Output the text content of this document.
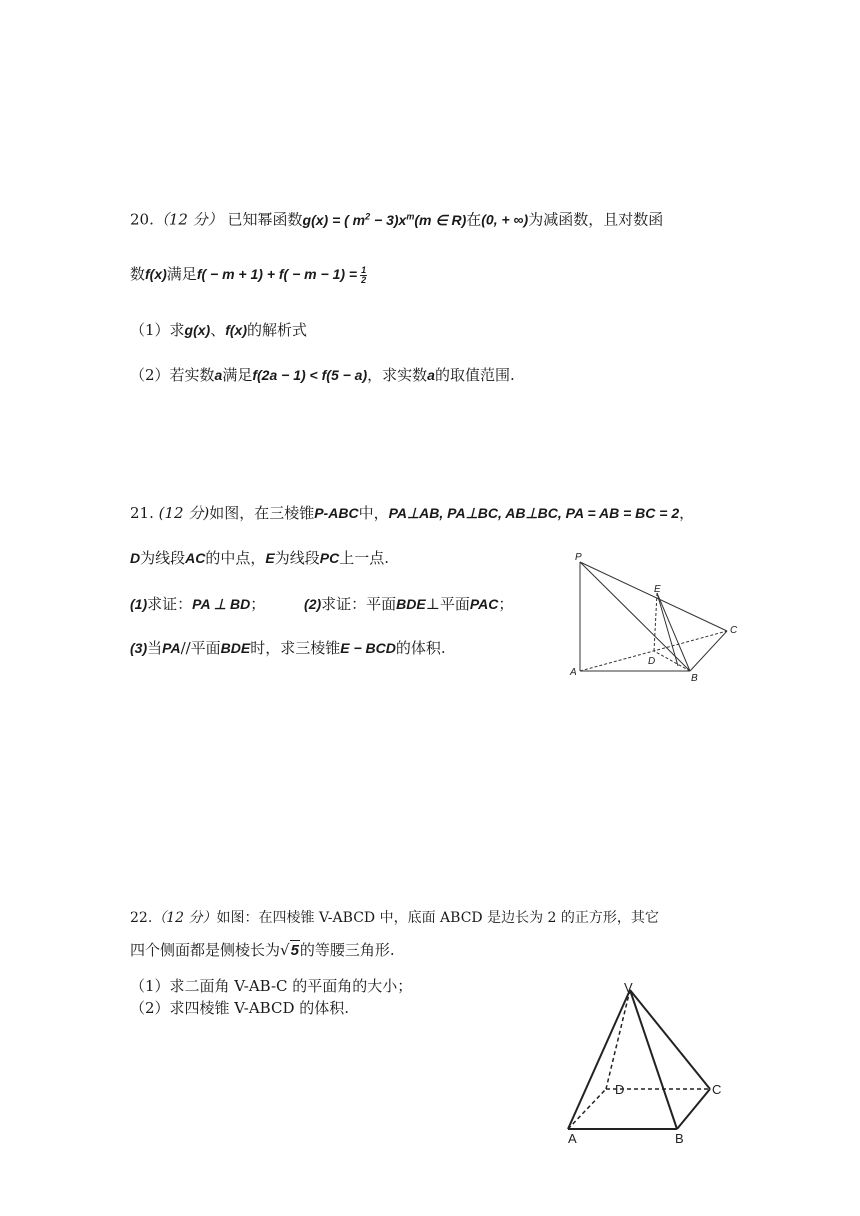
20.（12 分） 已知幂函数g(x) = ( $m^2 - 3)x^m(m$ ∈ R)在(0, + ∞)为减函数，且对数函
数f(x)满足$f( - m + 1) + f( - m - 1) = \frac{1}{2}$
（1）求g(x)、f(x)的解析式
（2）若实数a满足f(2a − 1) < f(5 − a)，求实数a的取值范围.
21. (12 分)如图，在三棱锥P-ABC中，PA⊥AB, PA⊥BC, AB⊥BC, PA = AB = BC = 2，
D为线段AC的中点，E为线段PC上一点.
(1)求证：PA ⊥ BD；	(2)求证：平面BDE⊥平面PAC；
(3)当PA//平面BDE时，求三棱锥E − BCD的体积.
P
E
C
D
A
B
22.（12 分）如图：在四棱锥 V-ABCD 中，底面 ABCD 是边长为 2 的正方形，其它
四个侧面都是侧棱长为√5的等腰三角形.
（1）求二面角 V-AB-C 的平面角的大小；
（2）求四棱锥 V-ABCD 的体积.
V
D	C
A	B
